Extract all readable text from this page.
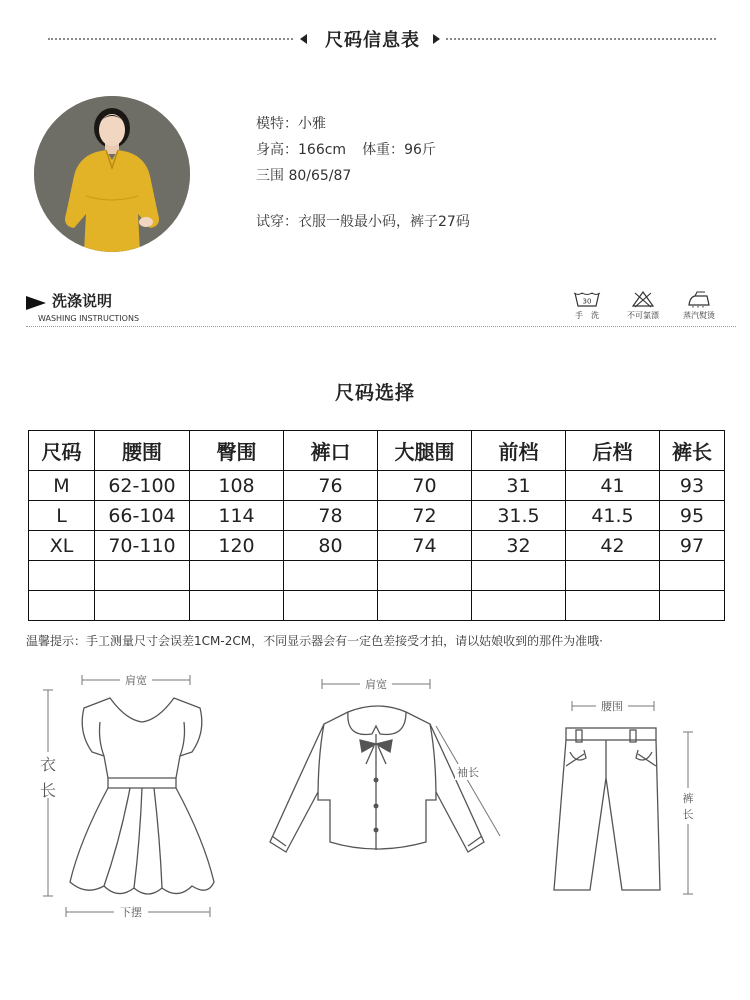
尺码信息表
模特：小雅
身高：166cm 体重：96斤
三围 80/65/87
试穿：衣服一般最小码，裤子27码
洗涤说明
WASHING INSTRUCTIONS
30
手　洗	不可氯漂	蒸汽熨烫
尺码选择
尺码	腰围	臀围	裤口	大腿围	前档	后档	裤长
M	62-100	108	76	70	31	41	93
L	66-104	114	78	72	31.5	41.5	95
XL	70-110	120	80	74	32	42	97

温馨提示：手工测量尺寸会误差1CM-2CM，不同显示器会有一定色差接受才拍，请以姑娘收到的那件为准哦·
肩宽
衣长
下摆
肩宽
袖长
腰围
裤长
